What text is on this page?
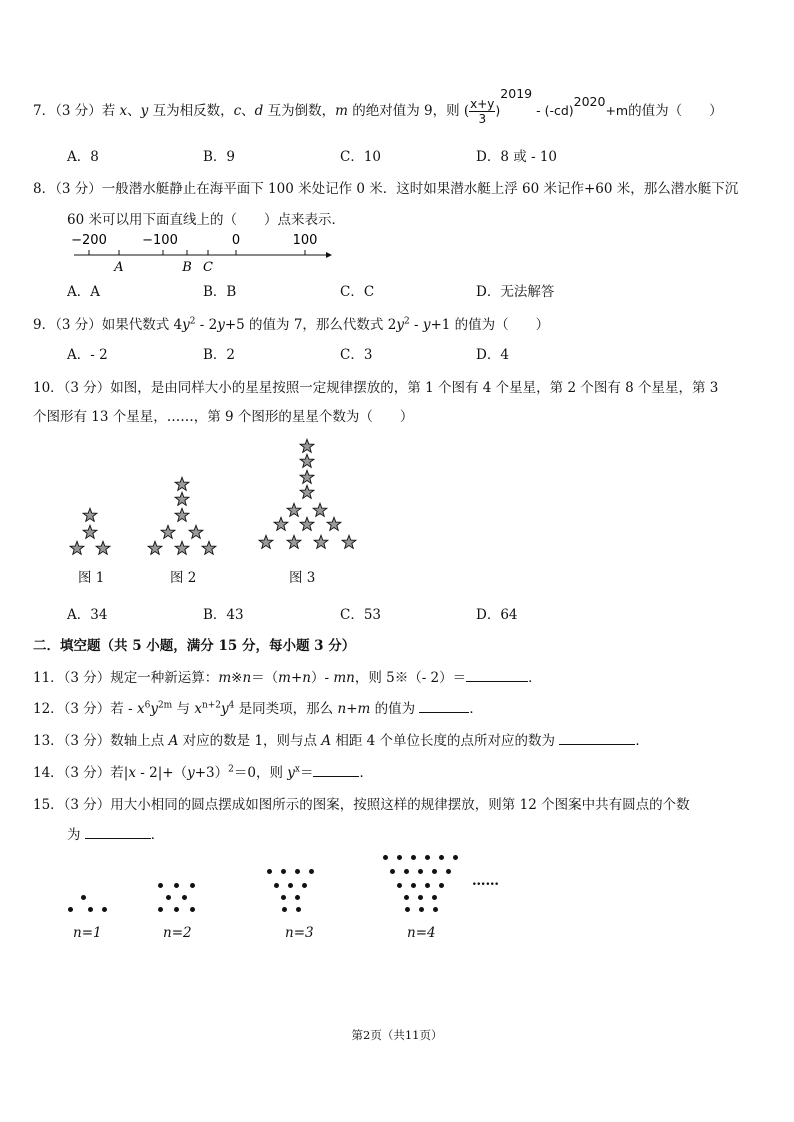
7．（3 分）若 x、y 互为相反数，c、d 互为倒数，m 的绝对值为 9，则 ( $\frac{x+y}{3} )^{2019} - (-cd)^{2020}+m$的值为（　　）
A．8	B．9	C．10	D．8 或 - 10
8．（3 分）一般潜水艇静止在海平面下 100 米处记作 0 米．这时如果潜水艇上浮 60 米记作+60 米，那么潜水艇下沉
60 米可以用下面直线上的（　　）点来表示．
−200	−100	0	100
A	B C
A．A	B．B	C．C	D．无法解答
9．（3 分）如果代数式 $4y^2 - 2y+5$ 的值为 7，那么代数式 $2y^2 - y+1$ 的值为（　　）
A．- 2	B．2	C．3	D．4
10．（3 分）如图，是由同样大小的星星按照一定规律摆放的，第 1 个图有 4 个星星，第 2 个图有 8 个星星，第 3
个图形有 13 个星星，……，第 9 个图形的星星个数为（　　）
图 1	图 2	图 3
A．34	B．43	C．53	D．64
二．填空题（共 5 小题，满分 15 分，每小题 3 分）
11．（3 分）规定一种新运算：m※n＝（m+n）- mn，则 5※（- 2）＝	．
12．（3 分）若 - $x^6y^{2m}$ 与 $x^{n+2}y^4$ 是同类项，那么 n+m 的值为	．
13．（3 分）数轴上点 A 对应的数是 1，则与点 A 相距 4 个单位长度的点所对应的数为	．
14．（3 分）若$|x - 2|+(y+3)^2=0$，则 $y^x=$	．
15．（3 分）用大小相同的圆点摆成如图所示的图案，按照这样的规律摆放，则第 12 个图案中共有圆点的个数
为	．
n=1	n=2	n=3	n=4
……
第2页（共11页）
